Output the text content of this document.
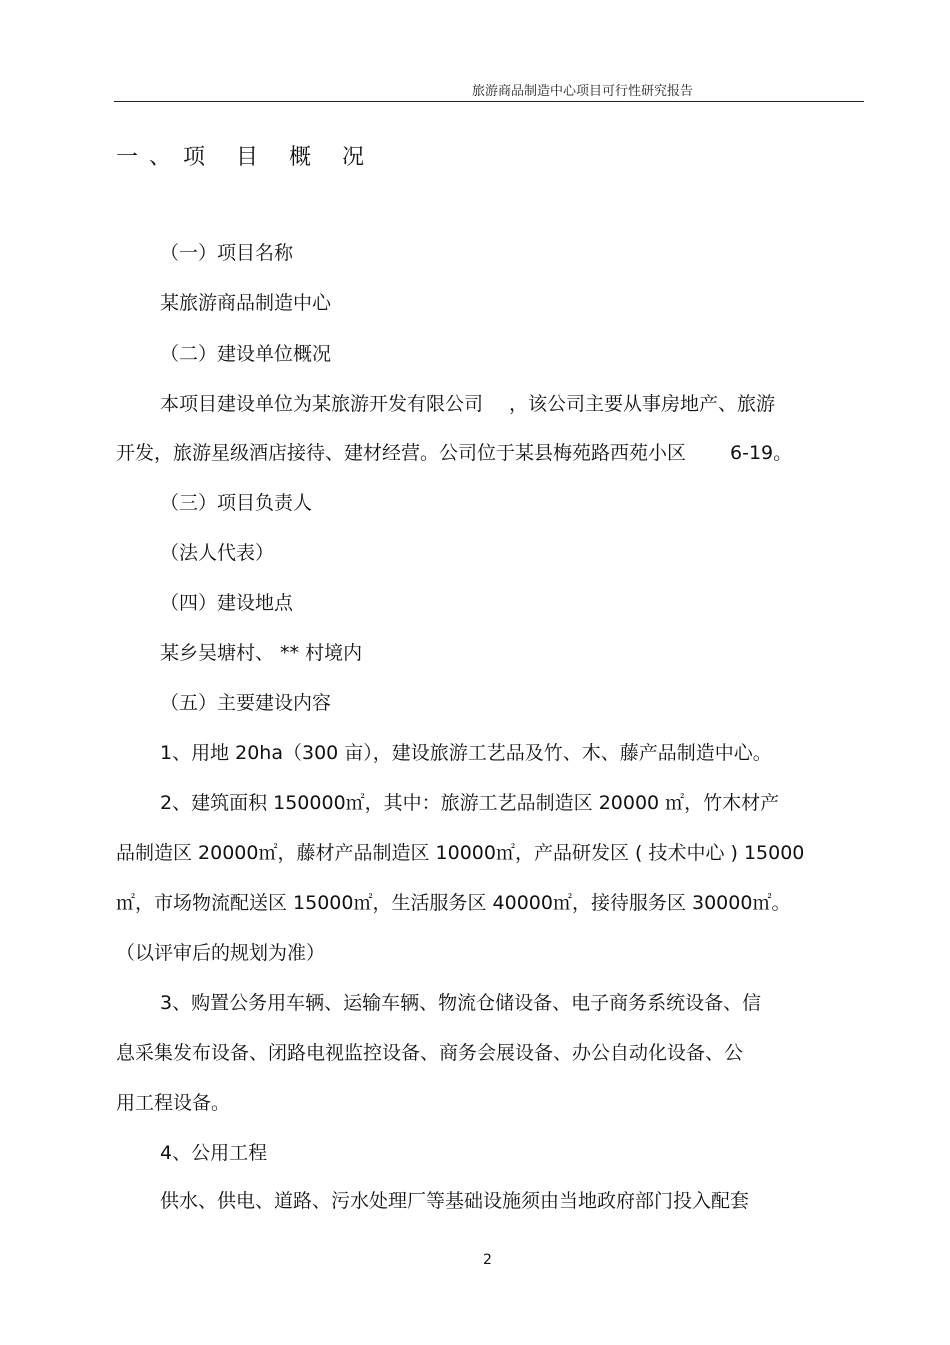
旅游商品制造中心项目可行性研究报告
一 、 项 目 概 况
（一）项目名称
某旅游商品制造中心
（二）建设单位概况
本项目建设单位为某旅游开发有限公司 ，该公司主要从事房地产、旅游
开发，旅游星级酒店接待、建材经营。公司位于某县梅苑路西苑小区 6-19。
（三）项目负责人
（法人代表）
（四）建设地点
某乡吴塘村、 ** 村境内
（五）主要建设内容
1、用地 20ha（300 亩），建设旅游工艺品及竹、木、藤产品制造中心。
2、建筑面积 150000㎡，其中：旅游工艺品制造区 20000 ㎡，竹木材产
品制造区 20000㎡，藤材产品制造区 10000㎡，产品研发区 ( 技术中心 ) 15000
㎡，市场物流配送区 15000㎡，生活服务区 40000㎡，接待服务区 30000㎡。
（以评审后的规划为准）
3、购置公务用车辆、运输车辆、物流仓储设备、电子商务系统设备、信
息采集发布设备、闭路电视监控设备、商务会展设备、办公自动化设备、公
用工程设备。
4、公用工程
供水、供电、道路、污水处理厂等基础设施须由当地政府部门投入配套
2
